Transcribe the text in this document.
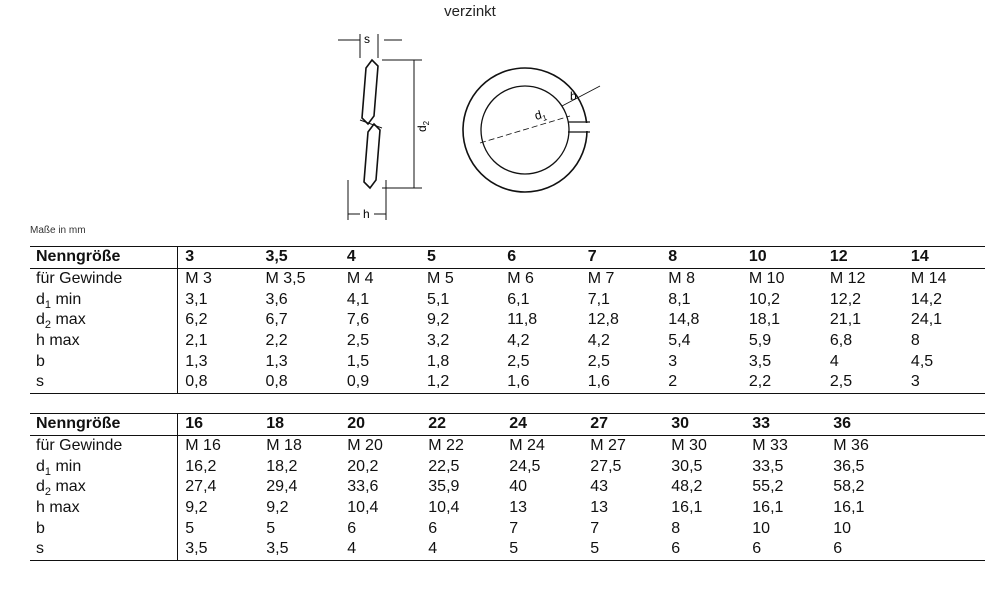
verzinkt
s
$d_2$
h
$d_1$
b
Maße in mm
Nenngröße	3	3,5	4	5	6	7	8	10	12	14
für Gewinde	M 3	M 3,5	M 4	M 5	M 6	M 7	M 8	M 10	M 12	M 14
$d_1$ min	3,1	3,6	4,1	5,1	6,1	7,1	8,1	10,2	12,2	14,2
$d_2$ max	6,2	6,7	7,6	9,2	11,8	12,8	14,8	18,1	21,1	24,1
h max	2,1	2,2	2,5	3,2	4,2	4,2	5,4	5,9	6,8	8
b	1,3	1,3	1,5	1,8	2,5	2,5	3	3,5	4	4,5
s	0,8	0,8	0,9	1,2	1,6	1,6	2	2,2	2,5	3
Nenngröße	16	18	20	22	24	27	30	33	36	
für Gewinde	M 16	M 18	M 20	M 22	M 24	M 27	M 30	M 33	M 36	
$d_1$ min	16,2	18,2	20,2	22,5	24,5	27,5	30,5	33,5	36,5	
$d_2$ max	27,4	29,4	33,6	35,9	40	43	48,2	55,2	58,2	
h max	9,2	9,2	10,4	10,4	13	13	16,1	16,1	16,1	
b	5	5	6	6	7	7	8	10	10	
s	3,5	3,5	4	4	5	5	6	6	6	
